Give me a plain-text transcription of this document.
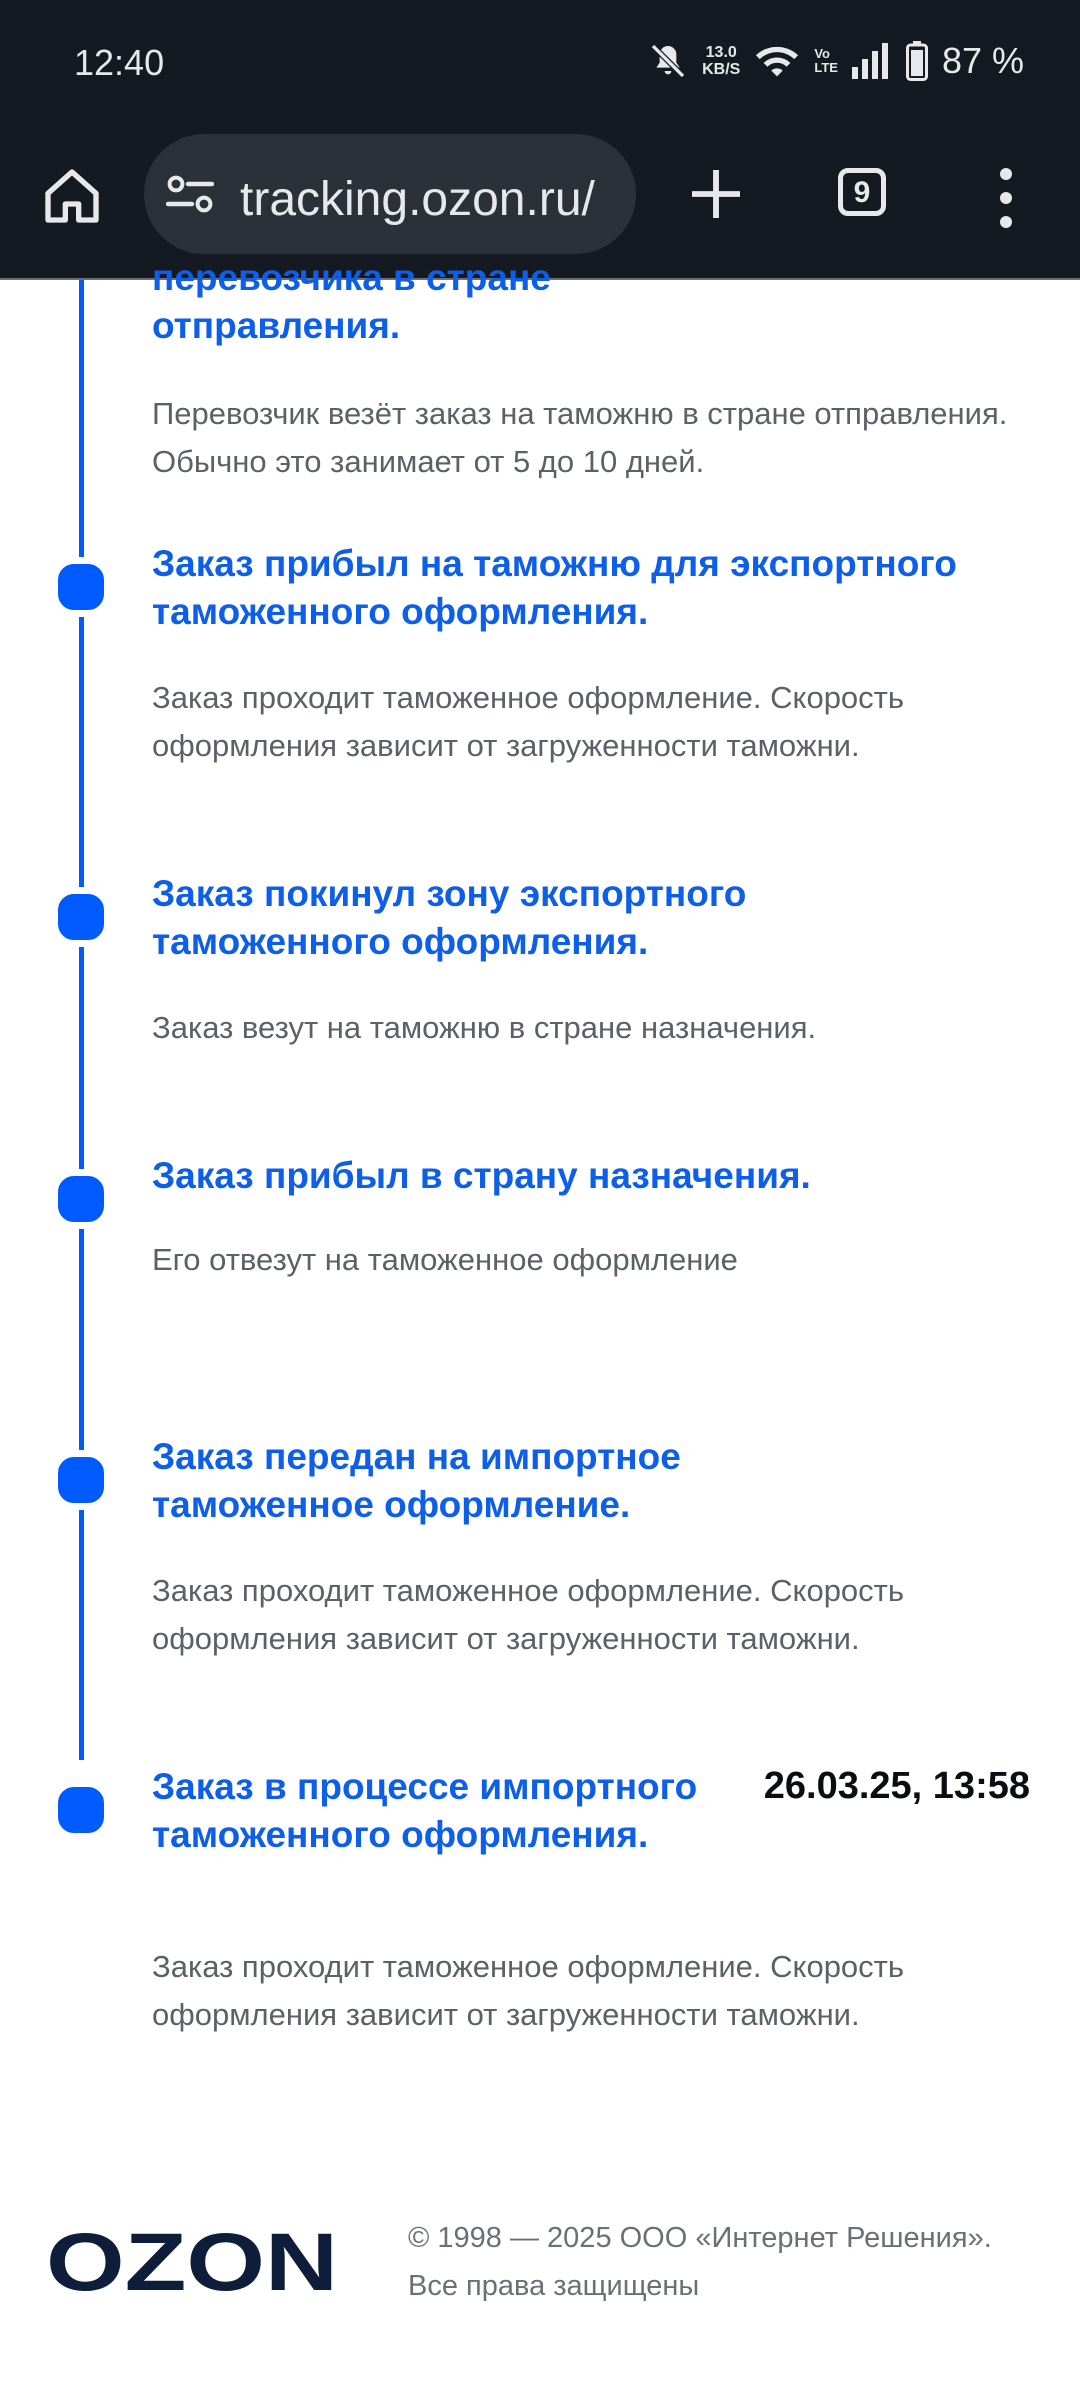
12:40	13.0
KB/S
Vo
LTE	87 %
tracking.ozon.ru/	9
перевозчика в стране отправления.
Перевозчик везёт заказ на таможню в стране отправления. Обычно это занимает от 5 до 10 дней.
Заказ прибыл на таможню для экспортного таможенного оформления.
Заказ проходит таможенное оформление. Скорость оформления зависит от загруженности таможни.
Заказ покинул зону экспортного таможенного оформления.
Заказ везут на таможню в стране назначения.
Заказ прибыл в страну назначения.
Его отвезут на таможенное оформление
Заказ передан на импортное таможенное оформление.
Заказ проходит таможенное оформление. Скорость оформления зависит от загруженности таможни.
Заказ в процессе импортного таможенного оформления.
26.03.25, 13:58
Заказ проходит таможенное оформление. Скорость оформления зависит от загруженности таможни.
OZON © 1998 — 2025 ООО «Интернет Решения».
Все права защищены
